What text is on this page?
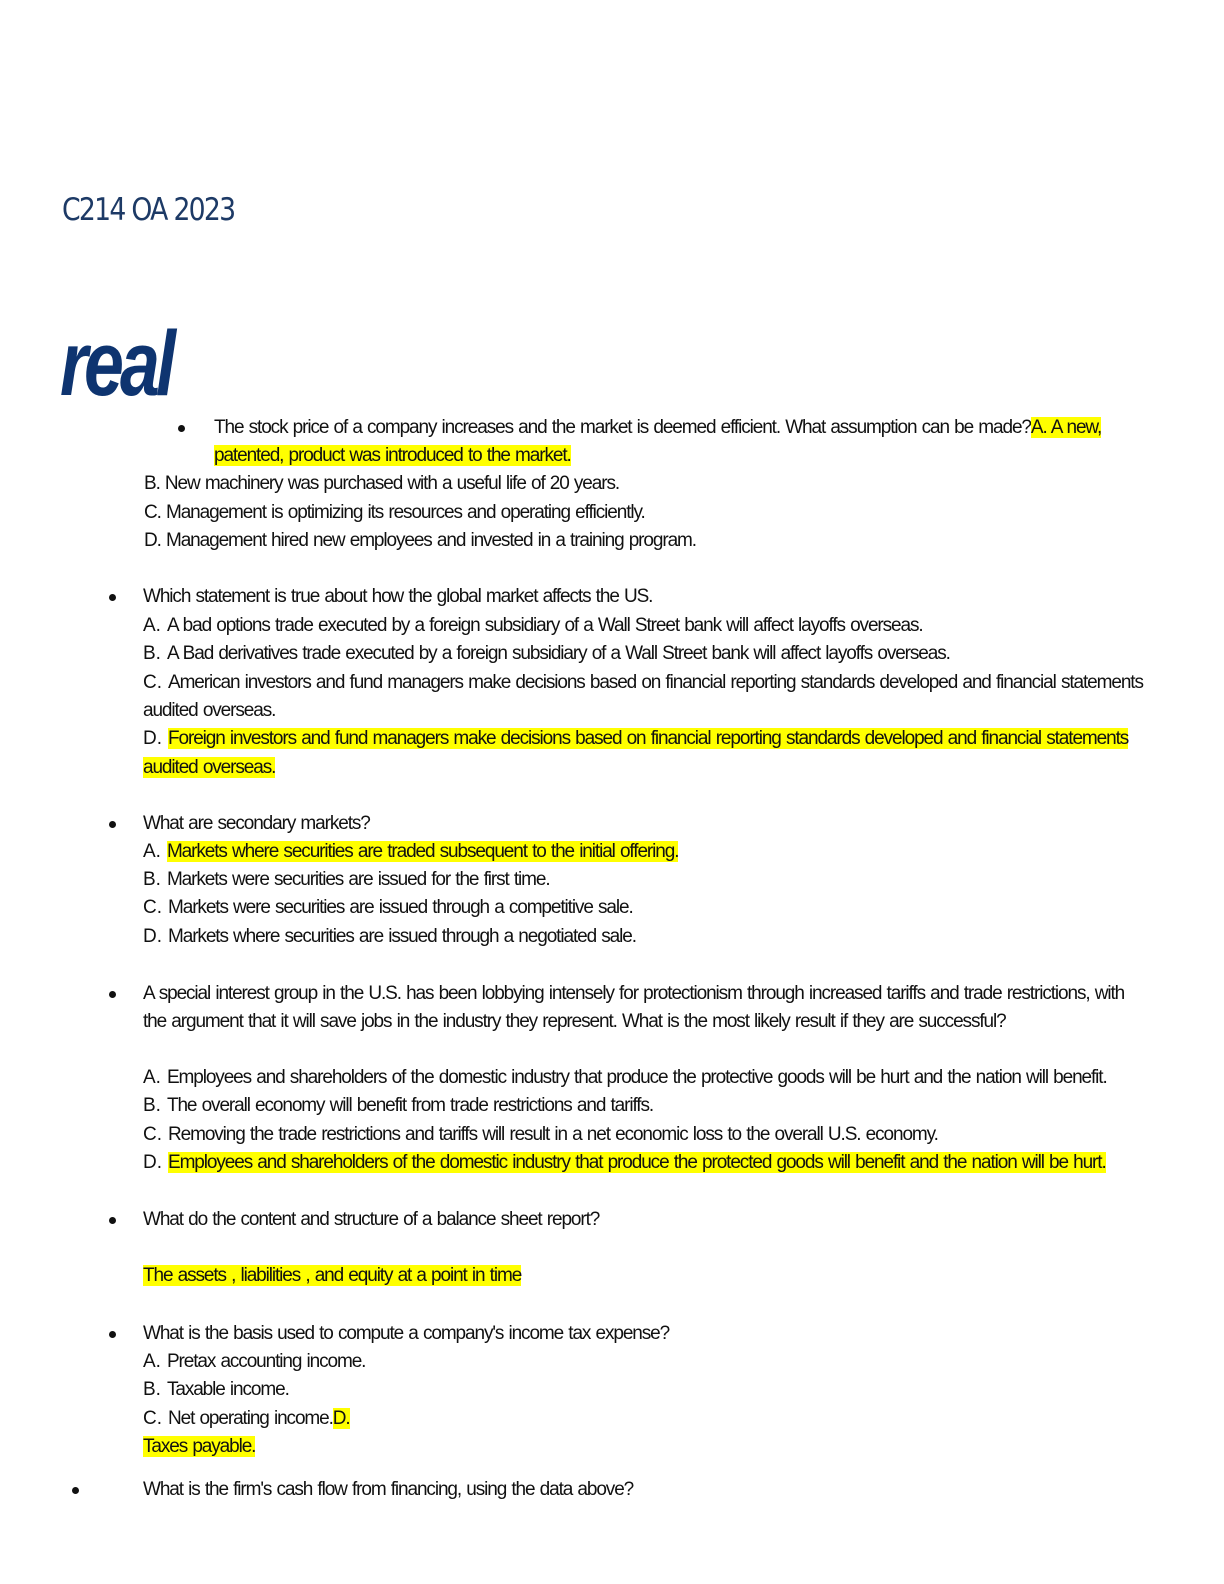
C214 OA 2023
real
The stock price of a company increases and the market is deemed efficient. What assumption can be made?A. A new,
patented, product was introduced to the market.
B. New machinery was purchased with a useful life of 20 years.
C. Management is optimizing its resources and operating efficiently.
D. Management hired new employees and invested in a training program.
Which statement is true about how the global market affects the US.
A. A bad options trade executed by a foreign subsidiary of a Wall Street bank will affect layoffs overseas.
B. A Bad derivatives trade executed by a foreign subsidiary of a Wall Street bank will affect layoffs overseas.
C. American investors and fund managers make decisions based on financial reporting standards developed and financial statements
audited overseas.
D. Foreign investors and fund managers make decisions based on financial reporting standards developed and financial statements
audited overseas.
What are secondary markets?
A. Markets where securities are traded subsequent to the initial offering.
B. Markets were securities are issued for the first time.
C. Markets were securities are issued through a competitive sale.
D. Markets where securities are issued through a negotiated sale.
A special interest group in the U.S. has been lobbying intensely for protectionism through increased tariffs and trade restrictions, with
the argument that it will save jobs in the industry they represent. What is the most likely result if they are successful?
A. Employees and shareholders of the domestic industry that produce the protective goods will be hurt and the nation will benefit.
B. The overall economy will benefit from trade restrictions and tariffs.
C. Removing the trade restrictions and tariffs will result in a net economic loss to the overall U.S. economy.
D. Employees and shareholders of the domestic industry that produce the protected goods will benefit and the nation will be hurt.
What do the content and structure of a balance sheet report?
The assets , liabilities , and equity at a point in time
What is the basis used to compute a company's income tax expense?
A. Pretax accounting income.
B. Taxable income.
C. Net operating income.D.
Taxes payable.
What is the firm's cash flow from financing, using the data above?
